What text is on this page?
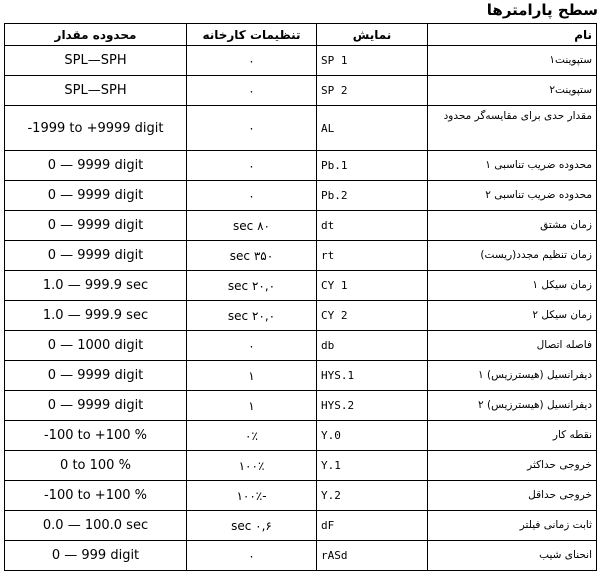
سطح پارامترها
نام	نمایش	تنظیمات کارخانه	محدوده مقدار
ستپوینت۱	SP 1	۰	SPL—SPH
ستپوینت۲	SP 2	۰	SPL—SPH
مقدار حدی برای مقایسه‌گر محدود	AL	۰	-1999 to +9999 digit
محدوده ضریب تناسبی ۱	Pb.1	۰	0 — 9999 digit
محدوده ضریب تناسبی ۲	Pb.2	۰	0 — 9999 digit
زمان مشتق	dt	۸۰ sec	0 — 9999 digit
زمان تنظیم مجدد(ریست)	rt	۳۵۰ sec	0 — 9999 digit
زمان سیکل ۱	CY 1	۲۰,۰ sec	1.0 — 999.9 sec
زمان سیکل ۲	CY 2	۲۰,۰ sec	1.0 — 999.9 sec
فاصله اتصال	db	۰	0 — 1000 digit
دیفرانسیل (هیسترزیس) ۱	HYS.1	۱	0 — 9999 digit
دیفرانسیل (هیسترزیس) ۲	HYS.2	۱	0 — 9999 digit
نقطه کار	Y.0	۰٪	-100 to +100 %
خروجی حداکثر	Y.1	۱۰۰٪	0 to 100 %
خروجی حداقل	Y.2	-۱۰۰٪	-100 to +100 %
ثابت زمانی فیلتر	dF	۰,۶ sec	0.0 — 100.0 sec
انحنای شیب	rASd	۰	0 — 999 digit
